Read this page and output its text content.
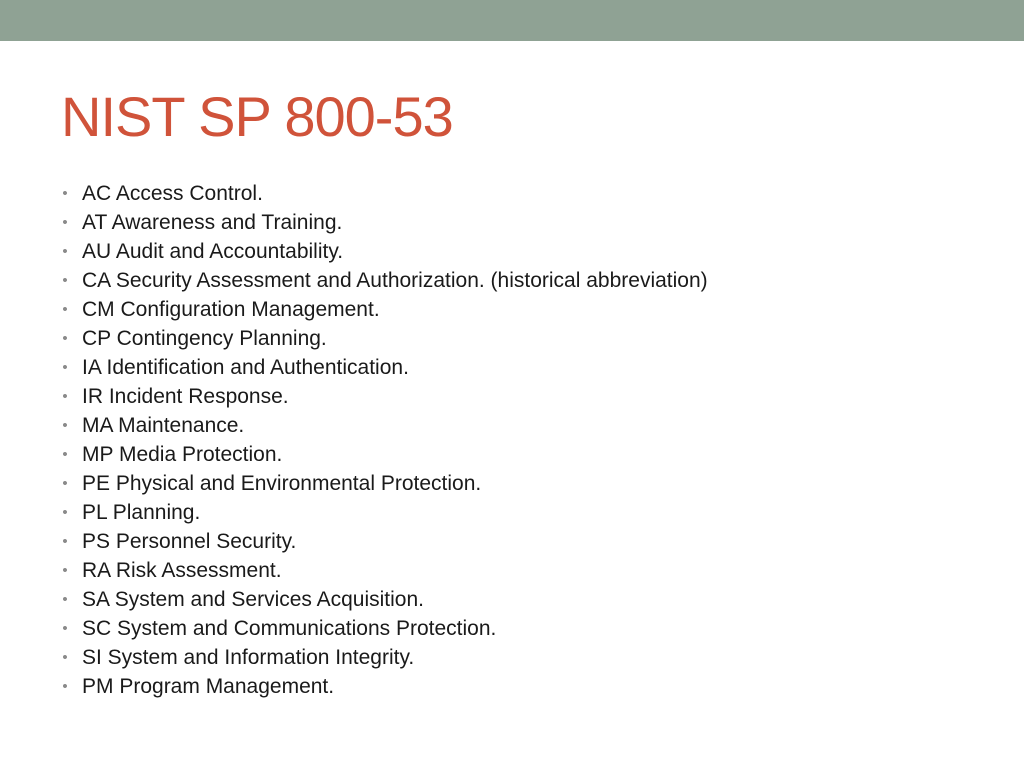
NIST SP 800-53
• AC Access Control.
• AT Awareness and Training.
• AU Audit and Accountability.
• CA Security Assessment and Authorization. (historical abbreviation)
• CM Configuration Management.
• CP Contingency Planning.
• IA Identification and Authentication.
• IR Incident Response.
• MA Maintenance.
• MP Media Protection.
• PE Physical and Environmental Protection.
• PL Planning.
• PS Personnel Security.
• RA Risk Assessment.
• SA System and Services Acquisition.
• SC System and Communications Protection.
• SI System and Information Integrity.
• PM Program Management.
